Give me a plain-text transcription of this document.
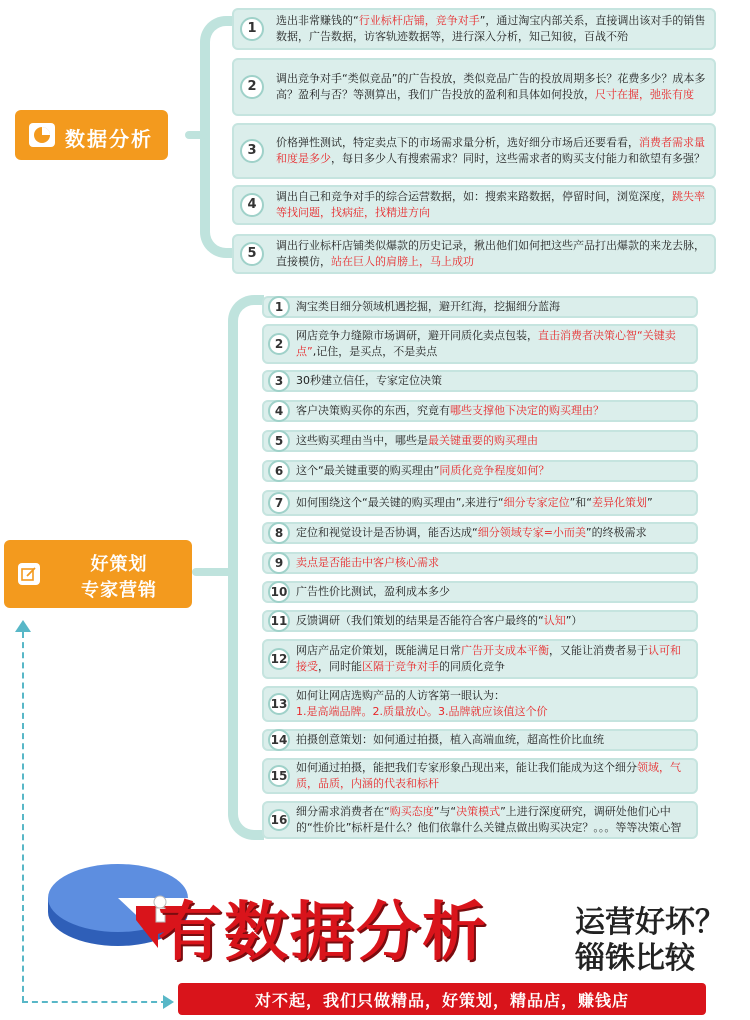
数据分析
1
选出非常赚钱的“行业标杆店铺，竞争对手”，通过淘宝内部关系，直接调出该对手的销售数据，广告数据，访客轨迹数据等，进行深入分析，知己知彼，百战不殆
2
调出竞争对手“类似竞品”的广告投放，类似竞品广告的投放周期多长？花费多少？成本多高？盈利与否？等测算出，我们广告投放的盈利和具体如何投放，尺寸在握，弛张有度
3
价格弹性测试，特定卖点下的市场需求量分析，选好细分市场后还要看看，消费者需求量和度是多少，每日多少人有搜索需求？同时，这些需求者的购买支付能力和欲望有多强？
4
调出自己和竞争对手的综合运营数据，如：搜索来路数据，停留时间，浏览深度，跳失率等找问题，找病症，找精进方向
5
调出行业标杆店铺类似爆款的历史记录，揪出他们如何把这些产品打出爆款的来龙去脉，直接模仿，站在巨人的肩膀上，马上成功
好策划
专家营销
1	淘宝类目细分领域机遇挖掘，避开红海，挖掘细分蓝海
2
网店竞争力缝隙市场调研，避开同质化卖点包装，直击消费者决策心智“关键卖点”,记住，是买点，不是卖点
3	30秒建立信任，专家定位决策
4	客户决策购买你的东西，究竟有哪些支撑他下决定的购买理由？
5	这些购买理由当中，哪些是最关键重要的购买理由
6	这个“最关键重要的购买理由”同质化竞争程度如何？
7	如何围绕这个“最关键的购买理由”,来进行“细分专家定位”和“差异化策划”
8	定位和视觉设计是否协调，能否达成“细分领域专家=小而美”的终极需求
9	卖点是否能击中客户核心需求
10 广告性价比测试，盈利成本多少
11 反馈调研（我们策划的结果是否能符合客户最终的“认知”）
12
网店产品定价策划，既能满足日常广告开支成本平衡，又能让消费者易于认可和接受，同时能区隔于竞争对手的同质化竞争
13
如何让网店选购产品的人访客第一眼认为：
1.是高端品牌。2.质量放心。3.品牌就应该值这个价
14 拍摄创意策划：如何通过拍摄，植入高端血统，超高性价比血统
15
如何通过拍摄，能把我们专家形象凸现出来，能让我们能成为这个细分领域，气质，品质，内涵的代表和标杆
16
细分需求消费者在“购买态度”与“决策模式”上进行深度研究，调研处他们心中的“性价比”标杆是什么？他们依靠什么关键点做出购买决定？。。。等等决策心智
有数据分析	运营好坏？
锱铢比较
对不起，我们只做精品，好策划，精品店，赚钱店
